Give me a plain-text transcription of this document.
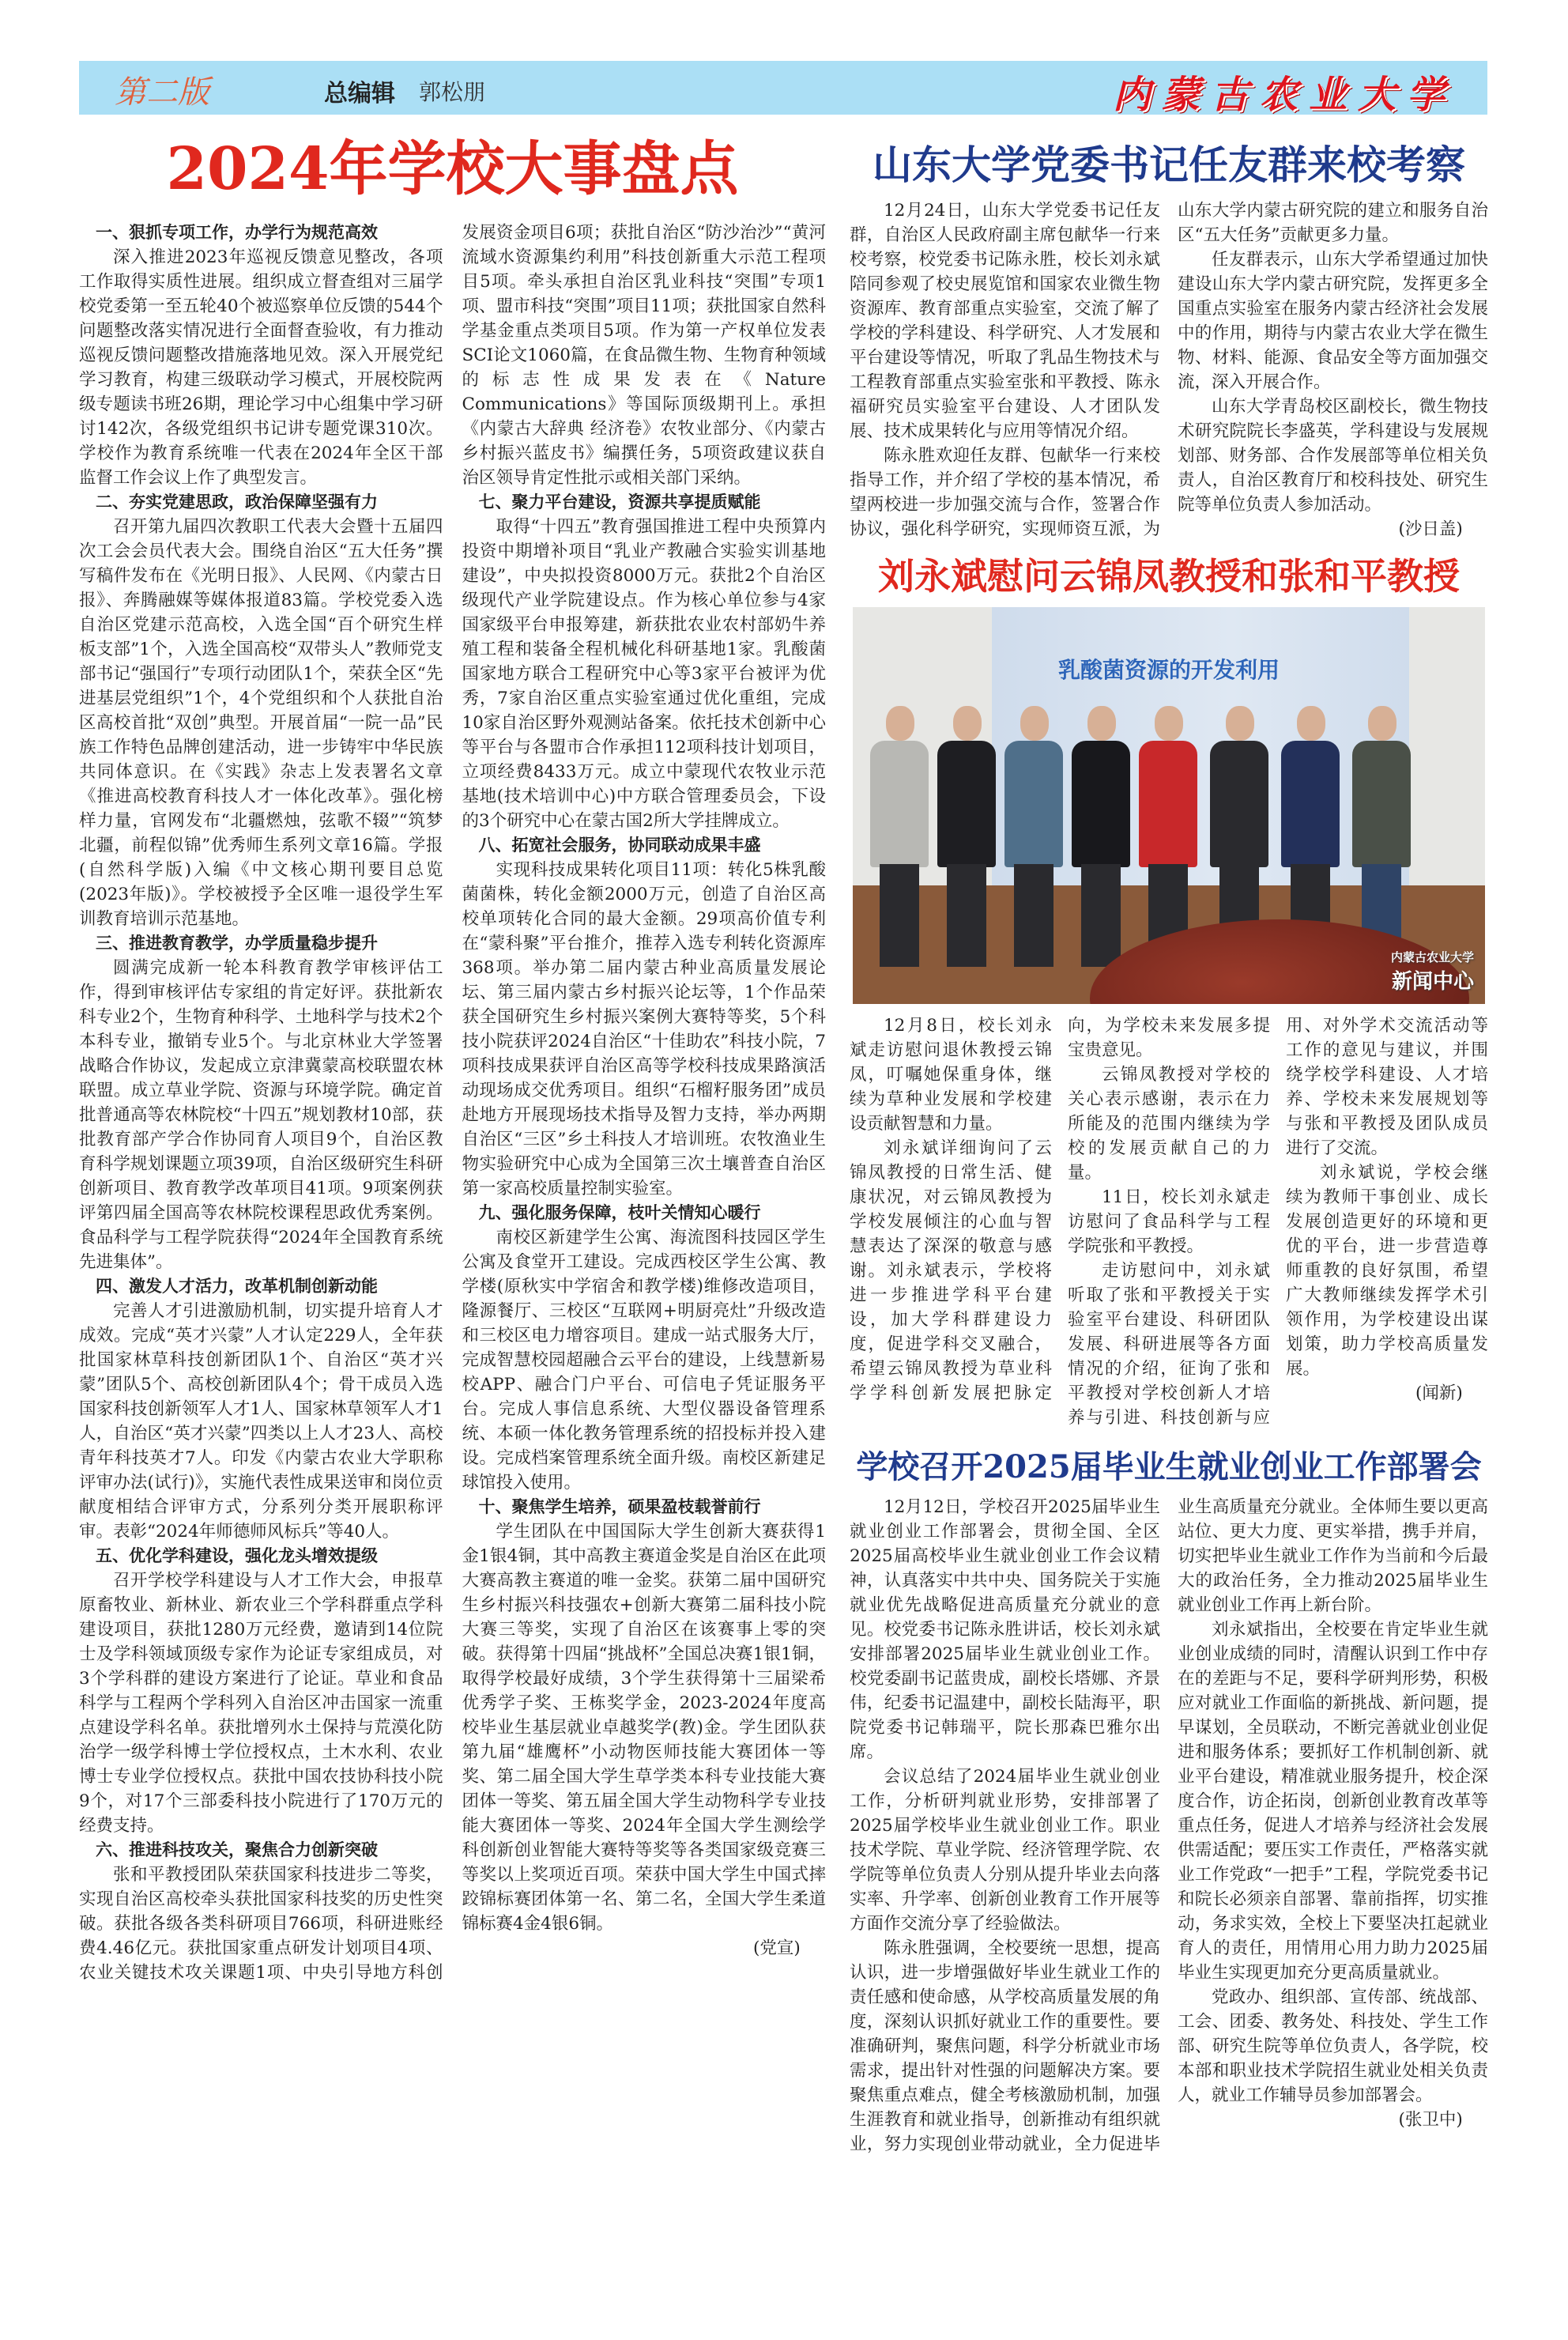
第二版	总编辑 郭松朋	内蒙古农业大学
2024年学校大事盘点

一、狠抓专项工作，办学行为规范高效

深入推进2023年巡视反馈意见整改，各项工作取得实质性进展。组织成立督查组对三届学校党委第一至五轮40个被巡察单位反馈的544个问题整改落实情况进行全面督查验收，有力推动巡视反馈问题整改措施落地见效。深入开展党纪学习教育，构建三级联动学习模式，开展校院两级专题读书班26期，理论学习中心组集中学习研讨142次，各级党组织书记讲专题党课310次。学校作为教育系统唯一代表在2024年全区干部监督工作会议上作了典型发言。

二、夯实党建思政，政治保障坚强有力

召开第九届四次教职工代表大会暨十五届四次工会会员代表大会。围绕自治区“五大任务”撰写稿件发布在《光明日报》、人民网、《内蒙古日报》、奔腾融媒等媒体报道83篇。学校党委入选自治区党建示范高校，入选全国“百个研究生样板支部”1个，入选全国高校“双带头人”教师党支部书记“强国行”专项行动团队1个，荣获全区“先进基层党组织”1个，4个党组织和个人获批自治区高校首批“双创”典型。开展首届“一院一品”民族工作特色品牌创建活动，进一步铸牢中华民族共同体意识。在《实践》杂志上发表署名文章《推进高校教育科技人才一体化改革》。强化榜样力量，官网发布“北疆燃烛，弦歌不辍”“筑梦北疆，前程似锦”优秀师生系列文章16篇。学报(自然科学版)入编《中文核心期刊要目总览(2023年版)》。学校被授予全区唯一退役学生军训教育培训示范基地。

三、推进教育教学，办学质量稳步提升

圆满完成新一轮本科教育教学审核评估工作，得到审核评估专家组的肯定好评。获批新农科专业2个，生物育种科学、土地科学与技术2个本科专业，撤销专业5个。与北京林业大学签署战略合作协议，发起成立京津冀蒙高校联盟农林联盟。成立草业学院、资源与环境学院。确定首批普通高等农林院校“十四五”规划教材10部，获批教育部产学合作协同育人项目9个，自治区教育科学规划课题立项39项，自治区级研究生科研创新项目、教育教学改革项目41项。9项案例获评第四届全国高等农林院校课程思政优秀案例。食品科学与工程学院获得“2024年全国教育系统先进集体”。

四、激发人才活力，改革机制创新动能

完善人才引进激励机制，切实提升培育人才成效。完成“英才兴蒙”人才认定229人，全年获批国家林草科技创新团队1个、自治区“英才兴蒙”团队5个、高校创新团队4个；骨干成员入选国家科技创新领军人才1人、国家林草领军人才1人，自治区“英才兴蒙”四类以上人才23人、高校青年科技英才7人。印发《内蒙古农业大学职称评审办法(试行)》，实施代表性成果送审和岗位贡献度相结合评审方式，分系列分类开展职称评审。表彰“2024年师德师风标兵”等40人。

五、优化学科建设，强化龙头增效提级

召开学校学科建设与人才工作大会，申报草原畜牧业、新林业、新农业三个学科群重点学科建设项目，获批1280万元经费，邀请到14位院士及学科领域顶级专家作为论证专家组成员，对3个学科群的建设方案进行了论证。草业和食品科学与工程两个学科列入自治区冲击国家一流重点建设学科名单。获批增列水土保持与荒漠化防治学一级学科博士学位授权点，土木水利、农业博士专业学位授权点。获批中国农技协科技小院9个，对17个三部委科技小院进行了170万元的经费支持。

六、推进科技攻关，聚焦合力创新突破

张和平教授团队荣获国家科技进步二等奖，实现自治区高校牵头获批国家科技奖的历史性突破。获批各级各类科研项目766项，科研进账经费4.46亿元。获批国家重点研发计划项目4项、农业关键技术攻关课题1项、中央引导地方科创发展资金项目6项；获批自治区“防沙治沙”“黄河流域水资源集约利用”科技创新重大示范工程项目5项。牵头承担自治区乳业科技“突围”专项1项、盟市科技“突围”项目11项；获批国家自然科学基金重点类项目5项。作为第一产权单位发表SCI论文1060篇，在食品微生物、生物育种领域的标志性成果发表在《Nature Communications》等国际顶级期刊上。承担《内蒙古大辞典 经济卷》农牧业部分、《内蒙古乡村振兴蓝皮书》编撰任务，5项资政建议获自治区领导肯定性批示或相关部门采纳。

七、聚力平台建设，资源共享提质赋能

取得“十四五”教育强国推进工程中央预算内投资中期增补项目“乳业产教融合实验实训基地建设”，中央拟投资8000万元。获批2个自治区级现代产业学院建设点。作为核心单位参与4家国家级平台申报筹建，新获批农业农村部奶牛养殖工程和装备全程机械化科研基地1家。乳酸菌国家地方联合工程研究中心等3家平台被评为优秀，7家自治区重点实验室通过优化重组，完成10家自治区野外观测站备案。依托技术创新中心等平台与各盟市合作承担112项科技计划项目，立项经费8433万元。成立中蒙现代农牧业示范基地(技术培训中心)中方联合管理委员会，下设的3个研究中心在蒙古国2所大学挂牌成立。

八、拓宽社会服务，协同联动成果丰盛

实现科技成果转化项目11项：转化5株乳酸菌菌株，转化金额2000万元，创造了自治区高校单项转化合同的最大金额。29项高价值专利在“蒙科聚”平台推介，推荐入选专利转化资源库368项。举办第二届内蒙古种业高质量发展论坛、第三届内蒙古乡村振兴论坛等，1个作品荣获全国研究生乡村振兴案例大赛特等奖，5个科技小院获评2024自治区“十佳助农”科技小院，7项科技成果获评自治区高等学校科技成果路演活动现场成交优秀项目。组织“石榴籽服务团”成员赴地方开展现场技术指导及智力支持，举办两期自治区“三区”乡土科技人才培训班。农牧渔业生物实验研究中心成为全国第三次土壤普查自治区第一家高校质量控制实验室。

九、强化服务保障，枝叶关情知心暖行

南校区新建学生公寓、海流图科技园区学生公寓及食堂开工建设。完成西校区学生公寓、教学楼(原秋实中学宿舍和教学楼)维修改造项目，隆源餐厅、三校区“互联网+明厨亮灶”升级改造和三校区电力增容项目。建成一站式服务大厅，完成智慧校园超融合云平台的建设，上线慧新易校APP、融合门户平台、可信电子凭证服务平台。完成人事信息系统、大型仪器设备管理系统、本硕一体化教务管理系统的招投标并投入建设。完成档案管理系统全面升级。南校区新建足球馆投入使用。

十、聚焦学生培养，硕果盈枝载誉前行

学生团队在中国国际大学生创新大赛获得1金1银4铜，其中高教主赛道金奖是自治区在此项大赛高教主赛道的唯一金奖。获第二届中国研究生乡村振兴科技强农+创新大赛第二届科技小院大赛三等奖，实现了自治区在该赛事上零的突破。获得第十四届“挑战杯”全国总决赛1银1铜，取得学校最好成绩，3个学生获得第十三届梁希优秀学子奖、王栋奖学金，2023-2024年度高校毕业生基层就业卓越奖学(教)金。学生团队获第九届“雄鹰杯”小动物医师技能大赛团体一等奖、第二届全国大学生草学类本科专业技能大赛团体一等奖、第五届全国大学生动物科学专业技能大赛团体一等奖、2024年全国大学生测绘学科创新创业智能大赛特等奖等各类国家级竞赛三等奖以上奖项近百项。荣获中国大学生中国式摔跤锦标赛团体第一名、第二名，全国大学生柔道锦标赛4金4银6铜。

(党宣)

山东大学党委书记任友群来校考察

12月24日，山东大学党委书记任友群，自治区人民政府副主席包献华一行来校考察，校党委书记陈永胜，校长刘永斌陪同参观了校史展览馆和国家农业微生物资源库、教育部重点实验室，交流了解了学校的学科建设、科学研究、人才发展和平台建设等情况，听取了乳品生物技术与工程教育部重点实验室张和平教授、陈永福研究员实验室平台建设、人才团队发展、技术成果转化与应用等情况介绍。

陈永胜欢迎任友群、包献华一行来校指导工作，并介绍了学校的基本情况，希望两校进一步加强交流与合作，签署合作协议，强化科学研究，实现师资互派，为山东大学内蒙古研究院的建立和服务自治区“五大任务”贡献更多力量。

任友群表示，山东大学希望通过加快建设山东大学内蒙古研究院，发挥更多全国重点实验室在服务内蒙古经济社会发展中的作用，期待与内蒙古农业大学在微生物、材料、能源、食品安全等方面加强交流，深入开展合作。

山东大学青岛校区副校长，微生物技术研究院院长李盛英，学科建设与发展规划部、财务部、合作发展部等单位相关负责人，自治区教育厅和校科技处、研究生院等单位负责人参加活动。

(沙日盖)

刘永斌慰问云锦凤教授和张和平教授
乳酸菌资源的开发利用
内蒙古农业大学
新闻中心

12月8日，校长刘永斌走访慰问退休教授云锦凤，叮嘱她保重身体，继续为草种业发展和学校建设贡献智慧和力量。

刘永斌详细询问了云锦凤教授的日常生活、健康状况，对云锦凤教授为学校发展倾注的心血与智慧表达了深深的敬意与感谢。刘永斌表示，学校将进一步推进学科平台建设，加大学科群建设力度，促进学科交叉融合，希望云锦凤教授为草业科学学科创新发展把脉定向，为学校未来发展多提宝贵意见。

云锦凤教授对学校的关心表示感谢，表示在力所能及的范围内继续为学校的发展贡献自己的力量。

11日，校长刘永斌走访慰问了食品科学与工程学院张和平教授。

走访慰问中，刘永斌听取了张和平教授关于实验室平台建设、科研团队发展、科研进展等各方面情况的介绍，征询了张和平教授对学校创新人才培养与引进、科技创新与应用、对外学术交流活动等工作的意见与建议，并围绕学校学科建设、人才培养、学校未来发展规划等与张和平教授及团队成员进行了交流。

刘永斌说，学校会继续为教师干事创业、成长发展创造更好的环境和更优的平台，进一步营造尊师重教的良好氛围，希望广大教师继续发挥学术引领作用，为学校建设出谋划策，助力学校高质量发展。

(闻新)

学校召开2025届毕业生就业创业工作部署会

12月12日，学校召开2025届毕业生就业创业工作部署会，贯彻全国、全区2025届高校毕业生就业创业工作会议精神，认真落实中共中央、国务院关于实施就业优先战略促进高质量充分就业的意见。校党委书记陈永胜讲话，校长刘永斌安排部署2025届毕业生就业创业工作。校党委副书记蓝贵成，副校长塔娜、齐景伟，纪委书记温建中，副校长陆海平，职院党委书记韩瑞平，院长那森巴雅尔出席。

会议总结了2024届毕业生就业创业工作，分析研判就业形势，安排部署了2025届学校毕业生就业创业工作。职业技术学院、草业学院、经济管理学院、农学院等单位负责人分别从提升毕业去向落实率、升学率、创新创业教育工作开展等方面作交流分享了经验做法。

陈永胜强调，全校要统一思想，提高认识，进一步增强做好毕业生就业工作的责任感和使命感，从学校高质量发展的角度，深刻认识抓好就业工作的重要性。要准确研判，聚焦问题，科学分析就业市场需求，提出针对性强的问题解决方案。要聚焦重点难点，健全考核激励机制，加强生涯教育和就业指导，创新推动有组织就业，努力实现创业带动就业，全力促进毕业生高质量充分就业。全体师生要以更高站位、更大力度、更实举措，携手并肩，切实把毕业生就业工作作为当前和今后最大的政治任务，全力推动2025届毕业生就业创业工作再上新台阶。

刘永斌指出，全校要在肯定毕业生就业创业成绩的同时，清醒认识到工作中存在的差距与不足，要科学研判形势，积极应对就业工作面临的新挑战、新问题，提早谋划，全员联动，不断完善就业创业促进和服务体系；要抓好工作机制创新、就业平台建设，精准就业服务提升，校企深度合作，访企拓岗，创新创业教育改革等重点任务，促进人才培养与经济社会发展供需适配；要压实工作责任，严格落实就业工作党政“一把手”工程，学院党委书记和院长必须亲自部署、靠前指挥，切实推动，务求实效，全校上下要坚决扛起就业育人的责任，用情用心用力助力2025届毕业生实现更加充分更高质量就业。

党政办、组织部、宣传部、统战部、工会、团委、教务处、科技处、学生工作部、研究生院等单位负责人，各学院，校本部和职业技术学院招生就业处相关负责人，就业工作辅导员参加部署会。

(张卫中)
